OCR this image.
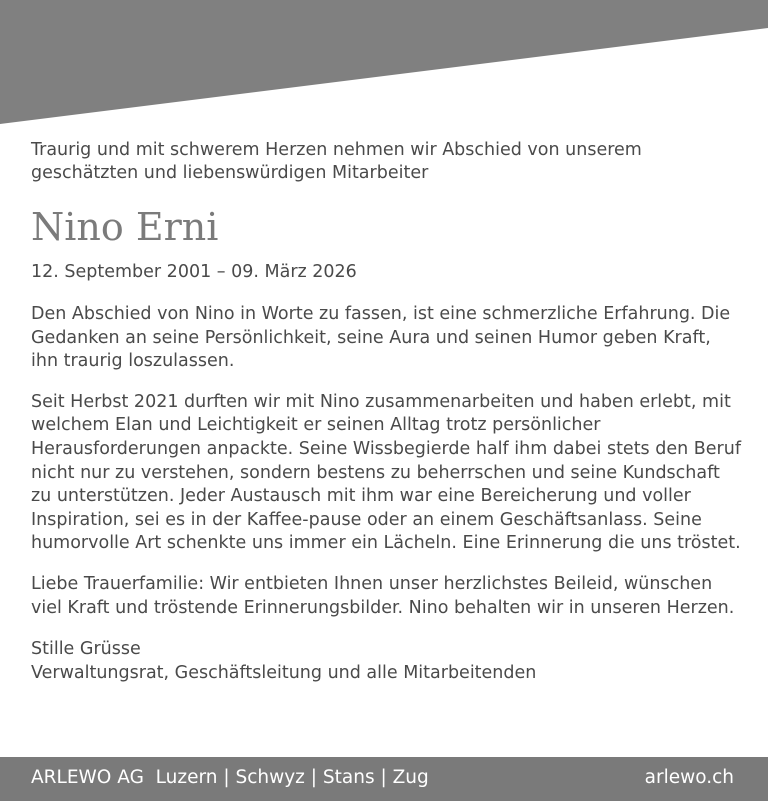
Traurig und mit schwerem Herzen nehmen wir Abschied von unserem geschätzten und liebenswürdigen Mitarbeiter

Nino Erni

12. September 2001 – 09. März 2026

Den Abschied von Nino in Worte zu fassen, ist eine schmerzliche Erfahrung. Die Gedanken an seine Persönlichkeit, seine Aura und seinen Humor geben Kraft, ihn traurig loszulassen.

Seit Herbst 2021 durften wir mit Nino zusammenarbeiten und haben erlebt, mit welchem Elan und Leichtigkeit er seinen Alltag trotz persönlicher Herausforderungen anpackte. Seine Wissbegierde half ihm dabei stets den Beruf nicht nur zu verstehen, sondern bestens zu beherrschen und seine Kundschaft zu unterstützen. Jeder Austausch mit ihm war eine Bereicherung und voller Inspiration, sei es in der Kaffee-pause oder an einem Geschäftsanlass. Seine humorvolle Art schenkte uns immer ein Lächeln. Eine Erinnerung die uns tröstet.

Liebe Trauerfamilie: Wir entbieten Ihnen unser herzlichstes Beileid, wünschen viel Kraft und tröstende Erinnerungsbilder. Nino behalten wir in unseren Herzen.

Stille Grüsse
Verwaltungsrat, Geschäftsleitung und alle Mitarbeitenden
ARLEWO AG  Luzern | Schwyz | Stans | Zug	arlewo.ch
